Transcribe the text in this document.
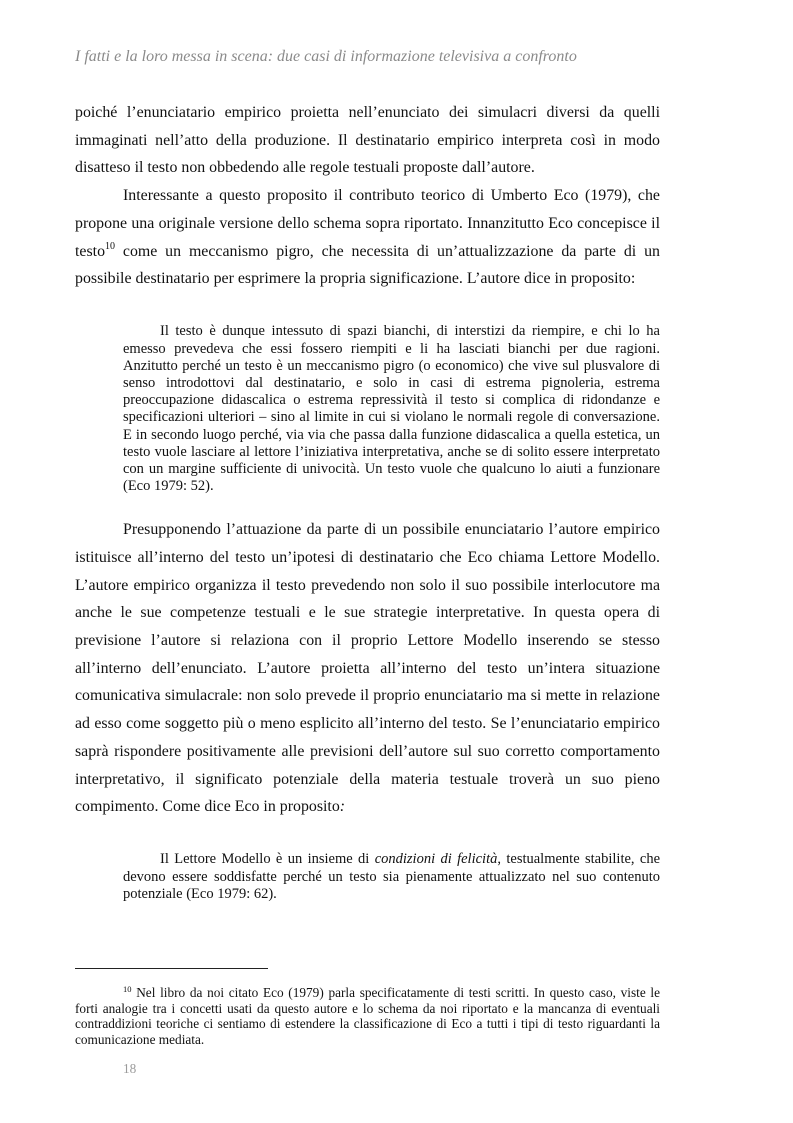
I fatti e la loro messa in scena: due casi di informazione televisiva a confronto
poiché l’enunciatario empirico proietta nell’enunciato dei simulacri diversi da quelli
immaginati nell’atto della produzione. Il destinatario empirico interpreta così in modo
disatteso il testo non obbedendo alle regole testuali proposte dall’autore.
Interessante a questo proposito il contributo teorico di Umberto Eco (1979), che
propone una originale versione dello schema sopra riportato. Innanzitutto Eco concepisce il
testo$^{10}$ come un meccanismo pigro, che necessita di un’attualizzazione da parte di un
possibile destinatario per esprimere la propria significazione. L’autore dice in proposito:
Il testo è dunque intessuto di spazi bianchi, di interstizi da riempire, e chi lo ha
emesso prevedeva che essi fossero riempiti e li ha lasciati bianchi per due ragioni.
Anzitutto perché un testo è un meccanismo pigro (o economico) che vive sul plusvalore di
senso introdottovi dal destinatario, e solo in casi di estrema pignoleria, estrema
preoccupazione didascalica o estrema repressività il testo si complica di ridondanze e
specificazioni ulteriori – sino al limite in cui si violano le normali regole di conversazione.
E in secondo luogo perché, via via che passa dalla funzione didascalica a quella estetica, un
testo vuole lasciare al lettore l’iniziativa interpretativa, anche se di solito essere interpretato
con un margine sufficiente di univocità. Un testo vuole che qualcuno lo aiuti a funzionare
(Eco 1979: 52).
Presupponendo l’attuazione da parte di un possibile enunciatario l’autore empirico
istituisce all’interno del testo un’ipotesi di destinatario che Eco chiama Lettore Modello.
L’autore empirico organizza il testo prevedendo non solo il suo possibile interlocutore ma
anche le sue competenze testuali e le sue strategie interpretative. In questa opera di
previsione l’autore si relaziona con il proprio Lettore Modello inserendo se stesso
all’interno dell’enunciato. L’autore proietta all’interno del testo un’intera situazione
comunicativa simulacrale: non solo prevede il proprio enunciatario ma si mette in relazione
ad esso come soggetto più o meno esplicito all’interno del testo. Se l’enunciatario empirico
saprà rispondere positivamente alle previsioni dell’autore sul suo corretto comportamento
interpretativo, il significato potenziale della materia testuale troverà un suo pieno
compimento. Come dice Eco in proposito:
Il Lettore Modello è un insieme di condizioni di felicità, testualmente stabilite, che
devono essere soddisfatte perché un testo sia pienamente attualizzato nel suo contenuto
potenziale (Eco 1979: 62).
$^{10}$ Nel libro da noi citato Eco (1979) parla specificatamente di testi scritti. In questo caso, viste le
forti analogie tra i concetti usati da questo autore e lo schema da noi riportato e la mancanza di eventuali
contraddizioni teoriche ci sentiamo di estendere la classificazione di Eco a tutti i tipi di testo riguardanti la
comunicazione mediata.
18
